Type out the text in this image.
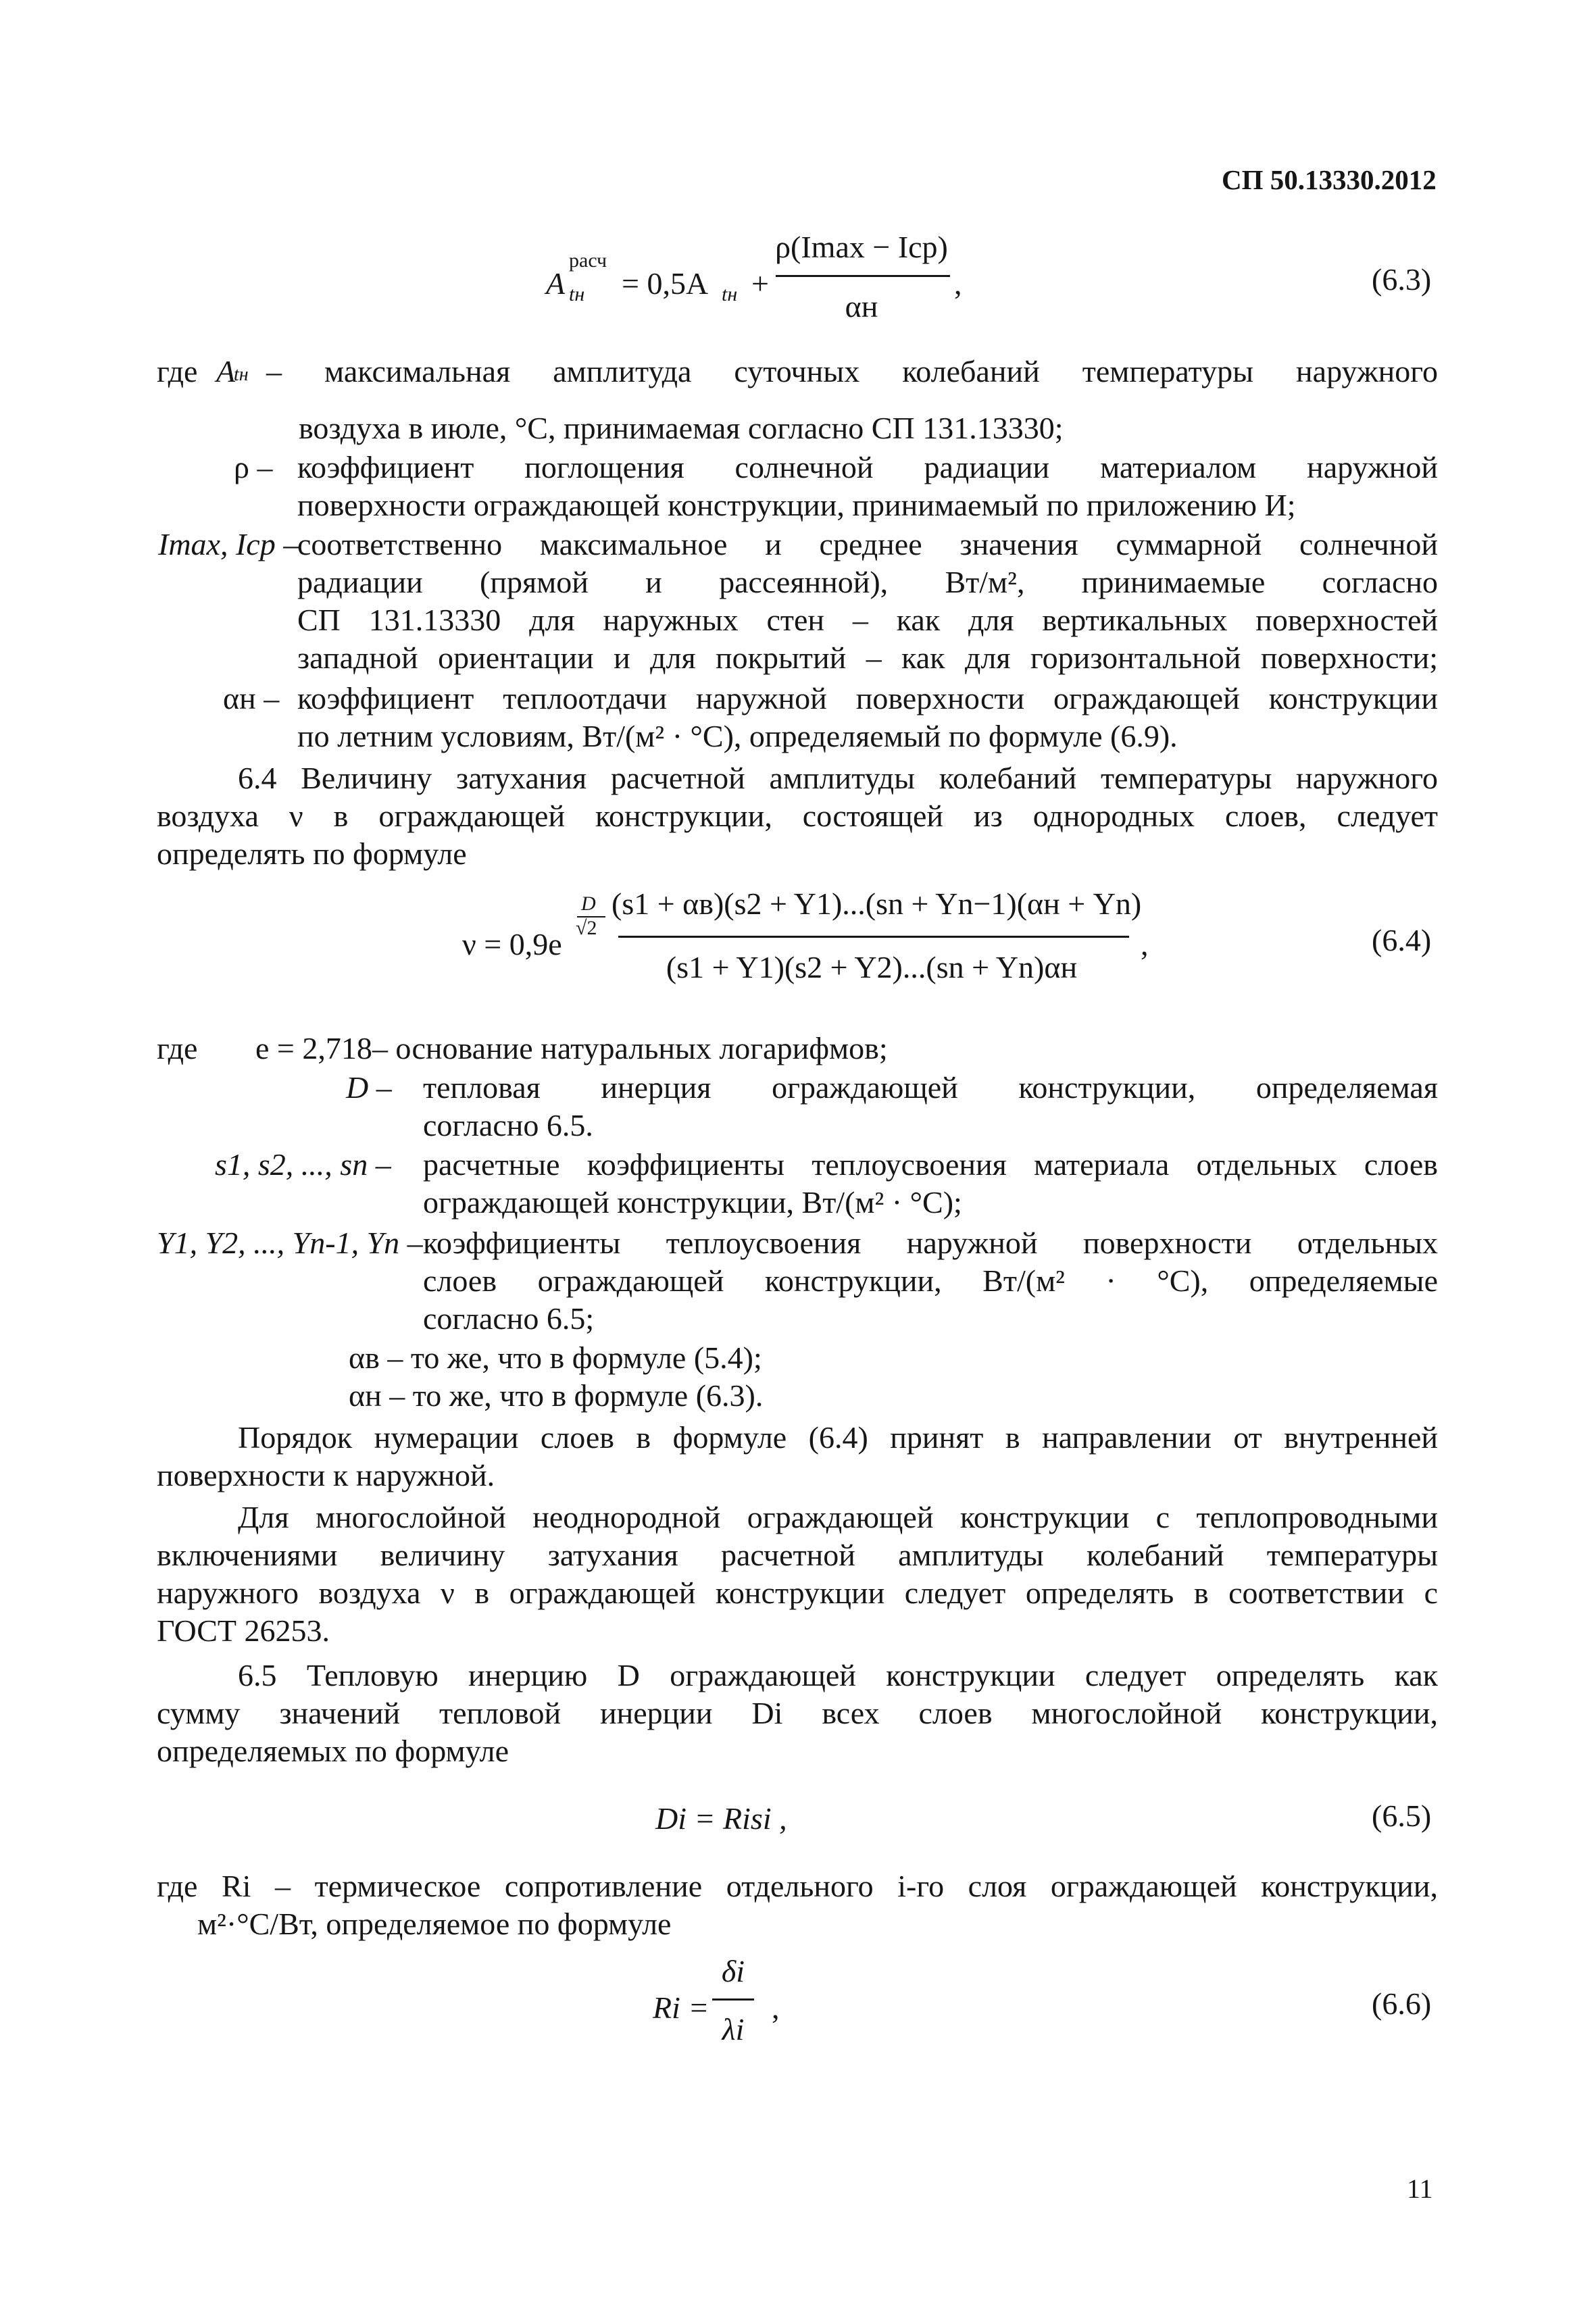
СП 50.13330.2012
A
расч
tн = 0,5A tн +
ρ(Imax − Iср)
αн
,	(6.3)
где A
tн – максимальная амплитуда суточных колебаний температуры наружного
воздуха в июле, °С, принимаемая согласно СП 131.13330;
ρ – коэффициент поглощения солнечной радиации материалом наружной
поверхности ограждающей конструкции, принимаемый по приложению И;
Imax, Iср –
соответственно максимальное и среднее значения суммарной солнечной
радиации (прямой и рассеянной), Вт/м², принимаемые согласно
СП 131.13330 для наружных стен – как для вертикальных поверхностей
западной ориентации и для покрытий – как для горизонтальной поверхности;
αн – коэффициент теплоотдачи наружной поверхности ограждающей конструкции
по летним условиям, Вт/(м² · °С), определяемый по формуле (6.9).
6.4 Величину затухания расчетной амплитуды колебаний температуры наружного
воздуха ν в ограждающей конструкции, состоящей из однородных слоев, следует
определять по формуле
ν = 0,9e
D
√2
(s1 + αв)(s2 + Y1)...(sn + Yn−1)(αн + Yn)
(s1 + Y1)(s2 + Y2)...(sn + Yn)αн
,	(6.4)
где e = 2,718– основание натуральных логарифмов;
D – тепловая инерция ограждающей конструкции, определяемая
согласно 6.5.
s1, s2, ..., sn – расчетные коэффициенты теплоусвоения материала отдельных слоев
ограждающей конструкции, Вт/(м² · °С);
Y1, Y2, ..., Yn-1, Yn – коэффициенты теплоусвоения наружной поверхности отдельных
слоев ограждающей конструкции, Вт/(м² · °С), определяемые
согласно 6.5;
αв – то же, что в формуле (5.4);
αн – то же, что в формуле (6.3).
Порядок нумерации слоев в формуле (6.4) принят в направлении от внутренней
поверхности к наружной.
Для многослойной неоднородной ограждающей конструкции с теплопроводными
включениями величину затухания расчетной амплитуды колебаний температуры
наружного воздуха ν в ограждающей конструкции следует определять в соответствии с
ГОСТ 26253.
6.5 Тепловую инерцию D ограждающей конструкции следует определять как
сумму значений тепловой инерции Di всех слоев многослойной конструкции,
определяемых по формуле
Di = Risi ,	(6.5)
где Ri – термическое сопротивление отдельного i-го слоя ограждающей конструкции,
м²·°С/Вт, определяемое по формуле
Ri =
δi
λi
,	(6.6)
11
